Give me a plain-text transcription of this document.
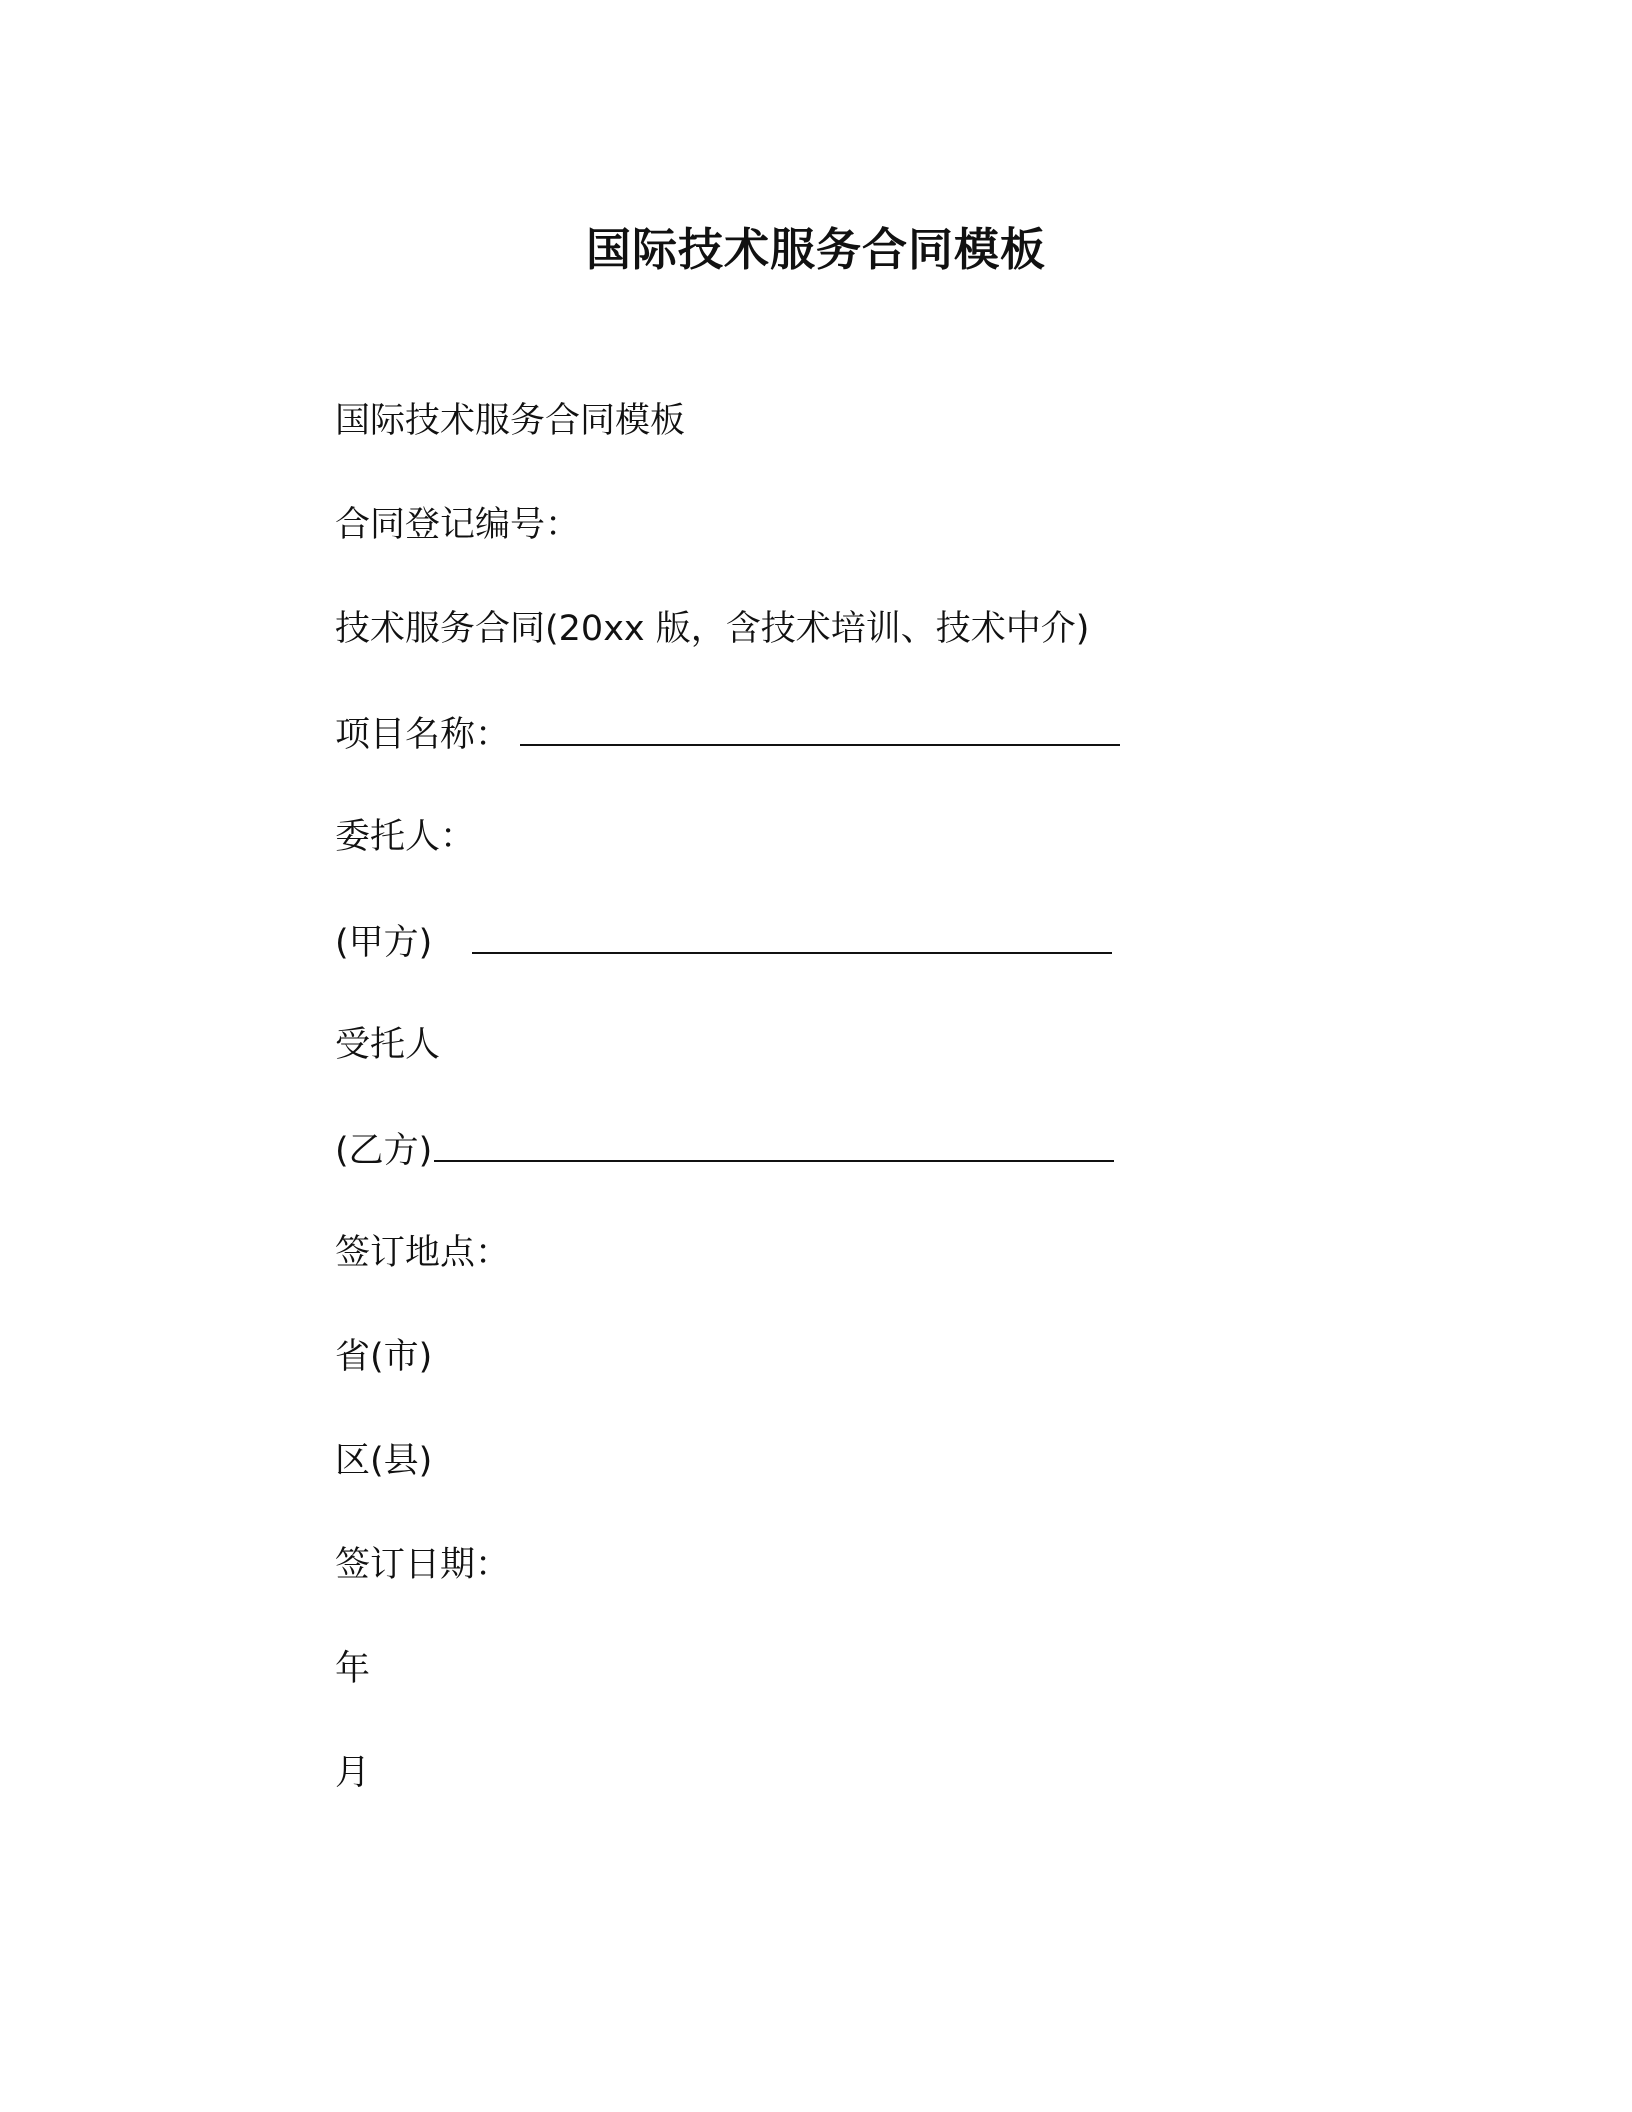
国际技术服务合同模板
国际技术服务合同模板
合同登记编号：
技术服务合同(20xx 版，含技术培训、技术中介)
项目名称：
委托人：
(甲方)
受托人
(乙方)
签订地点：
省(市)
区(县)
签订日期：
年
月
